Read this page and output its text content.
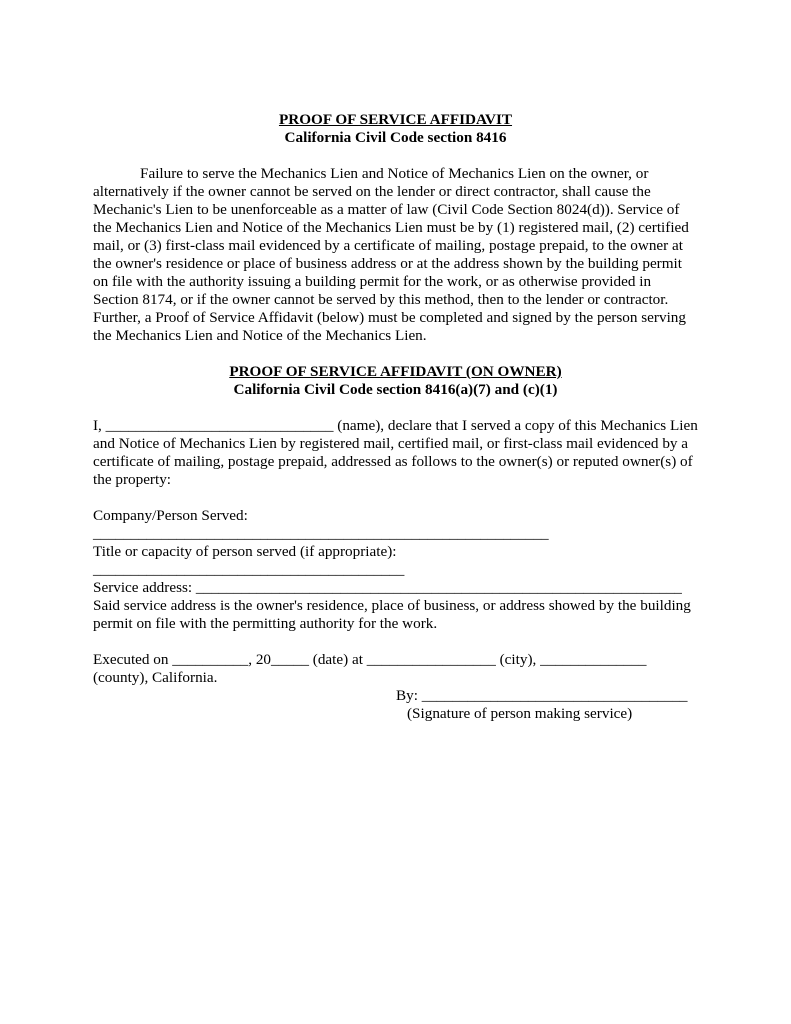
PROOF OF SERVICE AFFIDAVIT

California Civil Code section 8416

Failure to serve the Mechanics Lien and Notice of Mechanics Lien on the owner, or alternatively if the owner cannot be served on the lender or direct contractor, shall cause the Mechanic's Lien to be unenforceable as a matter of law (Civil Code Section 8024(d)). Service of the Mechanics Lien and Notice of the Mechanics Lien must be by (1) registered mail, (2) certified mail, or (3) first-class mail evidenced by a certificate of mailing, postage prepaid, to the owner at the owner's residence or place of business address or at the address shown by the building permit on file with the authority issuing a building permit for the work, or as otherwise provided in Section 8174, or if the owner cannot be served by this method, then to the lender or contractor. Further, a Proof of Service Affidavit (below) must be completed and signed by the person serving the Mechanics Lien and Notice of the Mechanics Lien.

PROOF OF SERVICE AFFIDAVIT (ON OWNER)

California Civil Code section 8416(a)(7) and (c)(1)

I, ______________________________ (name), declare that I served a copy of this Mechanics Lien and Notice of Mechanics Lien by registered mail, certified mail, or first-class mail evidenced by a certificate of mailing, postage prepaid, addressed as follows to the owner(s) or reputed owner(s) of the property:

Company/Person Served:

____________________________________________________________

Title or capacity of person served (if appropriate):

_________________________________________

Service address: ________________________________________________________________

Said service address is the owner's residence, place of business, or address showed by the building permit on file with the permitting authority for the work.

Executed on __________, 20_____ (date) at _________________ (city), ______________

(county), California.

By: ___________________________________

(Signature of person making service)
